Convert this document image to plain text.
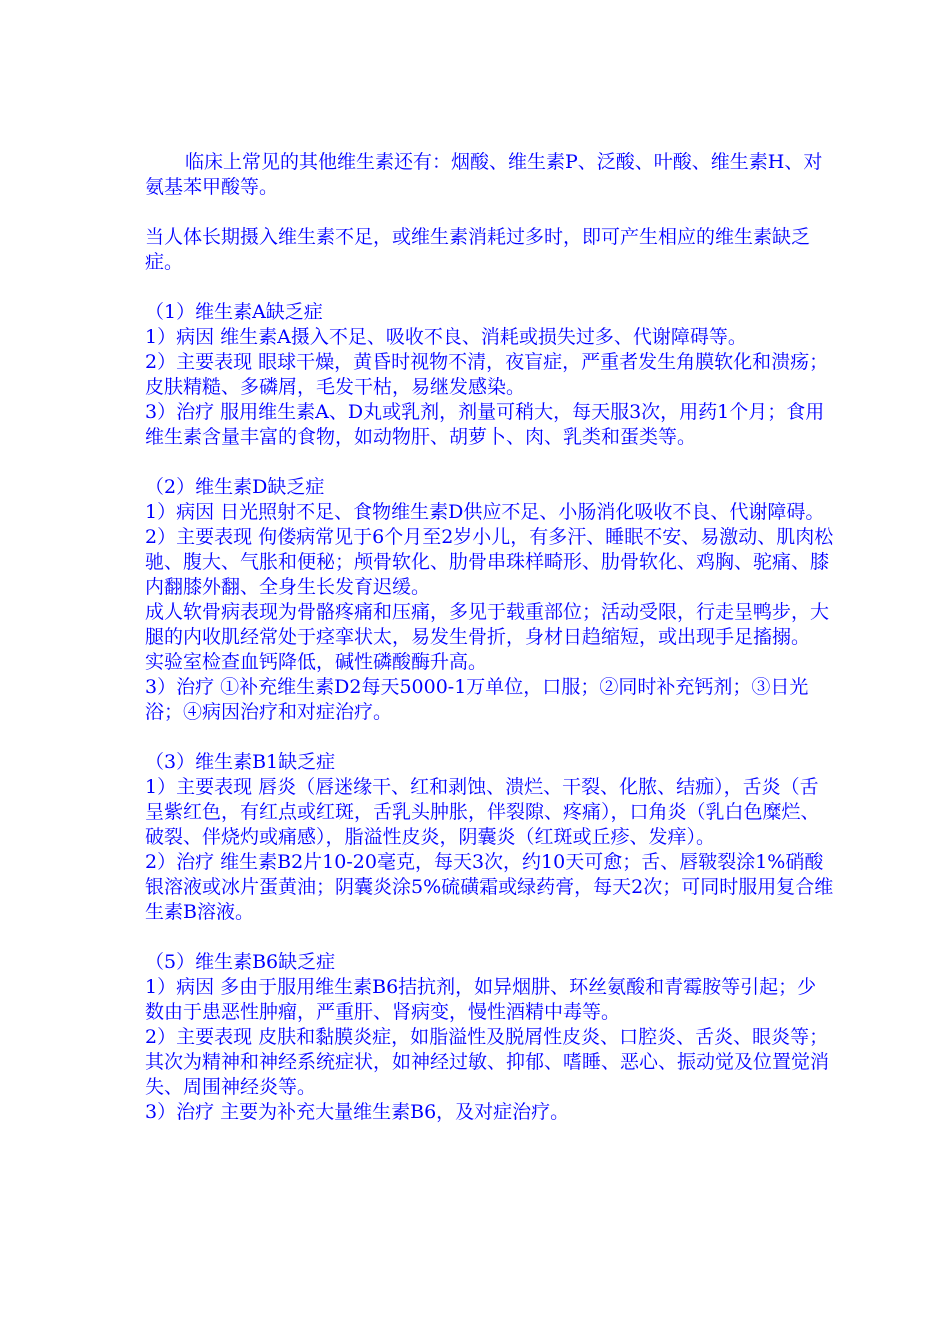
临床上常见的其他维生素还有：烟酸、维生素P、泛酸、叶酸、维生素H、对氨基苯甲酸等。

当人体长期摄入维生素不足，或维生素消耗过多时，即可产生相应的维生素缺乏症。

（1）维生素A缺乏症

1）病因 维生素A摄入不足、吸收不良、消耗或损失过多、代谢障碍等。

2）主要表现 眼球干燥，黄昏时视物不清，夜盲症，严重者发生角膜软化和溃疡；皮肤精糙、多磷屑，毛发干枯，易继发感染。

3）治疗 服用维生素A、D丸或乳剂，剂量可稍大，每天服3次，用药1个月；食用维生素含量丰富的食物，如动物肝、胡萝卜、肉、乳类和蛋类等。

（2）维生素D缺乏症

1）病因 日光照射不足、食物维生素D供应不足、小肠消化吸收不良、代谢障碍。

2）主要表现 佝偻病常见于6个月至2岁小儿，有多汗、睡眠不安、易激动、肌肉松驰、腹大、气胀和便秘；颅骨软化、肋骨串珠样畸形、肋骨软化、鸡胸、驼痛、膝内翻膝外翻、全身生长发育迟缓。

成人软骨病表现为骨骼疼痛和压痛，多见于载重部位；活动受限，行走呈鸭步，大腿的内收肌经常处于痉挛状太，易发生骨折，身材日趋缩短，或出现手足搐搦。

实验室检查血钙降低，碱性磷酸酶升高。

3）治疗 ①补充维生素D2每天5000-1万单位，口服；②同时补充钙剂；③日光浴；④病因治疗和对症治疗。

（3）维生素B1缺乏症

1）主要表现 唇炎（唇迷缘干、红和剥蚀、溃烂、干裂、化脓、结痂），舌炎（舌呈紫红色，有红点或红斑，舌乳头肿胀，伴裂隙、疼痛），口角炎（乳白色糜烂、破裂、伴烧灼或痛感），脂溢性皮炎，阴囊炎（红斑或丘疹、发痒）。

2）治疗 维生素B2片10-20毫克，每天3次，约10天可愈；舌、唇皲裂涂1%硝酸银溶液或冰片蛋黄油；阴囊炎涂5%硫磺霜或绿药膏，每天2次；可同时服用复合维生素B溶液。

（5）维生素B6缺乏症

1）病因 多由于服用维生素B6拮抗剂，如异烟肼、环丝氨酸和青霉胺等引起；少数由于患恶性肿瘤，严重肝、肾病变，慢性酒精中毒等。

2）主要表现 皮肤和黏膜炎症，如脂溢性及脱屑性皮炎、口腔炎、舌炎、眼炎等；其次为精神和神经系统症状，如神经过敏、抑郁、嗜睡、恶心、振动觉及位置觉消失、周围神经炎等。

3）治疗 主要为补充大量维生素B6，及对症治疗。
